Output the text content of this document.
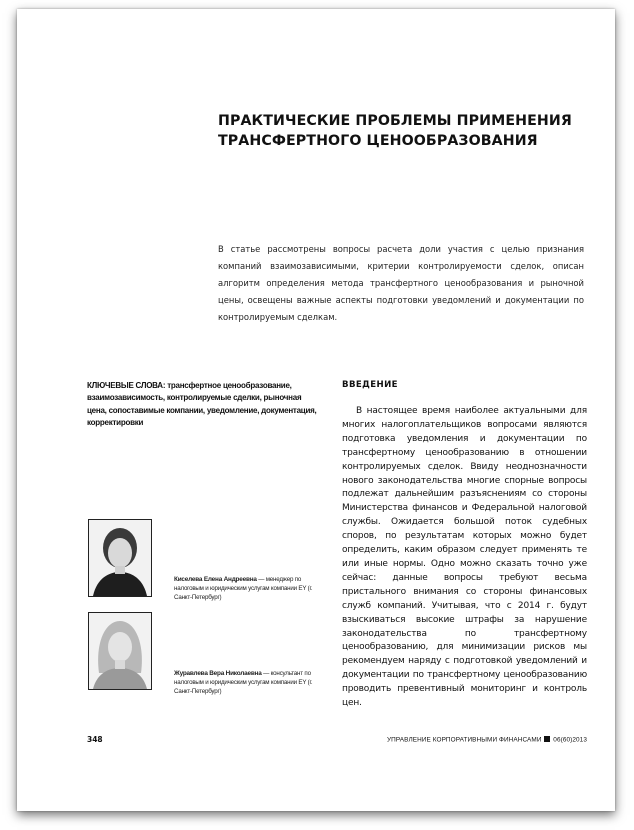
ПРАКТИЧЕСКИЕ ПРОБЛЕМЫ ПРИМЕНЕНИЯ ТРАНСФЕРТНОГО ЦЕНООБРАЗОВАНИЯ
В статье рассмотрены вопросы расчета доли участия с целью признания компаний взаимозависимыми, критерии контролируемости сделок, описан алгоритм определения метода трансфертного ценообразования и рыночной цены, освещены важные аспекты подготовки уведомлений и документации по контролируемым сделкам.
КЛЮЧЕВЫЕ СЛОВА: трансфертное ценообразование, взаимозависимость, контролируемые сделки, рыночная цена, сопоставимые компании, уведомление, документация, корректировки
ВВЕДЕНИЕ
В настоящее время наиболее актуальными для многих налогоплательщиков вопросами являются подготовка уведомления и документации по трансфертному ценообразованию в отношении контролируемых сделок. Ввиду неоднозначности нового законодательства многие спорные вопросы подлежат дальнейшим разъяснениям со стороны Министерства финансов и Федеральной налоговой службы. Ожидается большой поток судебных споров, по результатам которых можно будет определить, каким образом следует применять те или иные нормы. Одно можно сказать точно уже сейчас: данные вопросы требуют весьма пристального внимания со стороны финансовых служб компаний. Учитывая, что с 2014 г. будут взыскиваться высокие штрафы за нарушение законодательства по трансфертному ценообразованию, для минимизации рисков мы рекомендуем наряду с подготовкой уведомлений и документации по трансфертному ценообразованию проводить превентивный мониторинг и контроль цен.
Киселева Елена Андреевна — менеджер по налоговым и юридическим услугам компании EY (г. Санкт-Петербург)
Журавлева Вера Николаевна — консультант по налоговым и юридическим услугам компании EY (г. Санкт-Петербург)
348	УПРАВЛЕНИЕ КОРПОРАТИВНЫМИ ФИНАНСАМИ 06(60)2013
